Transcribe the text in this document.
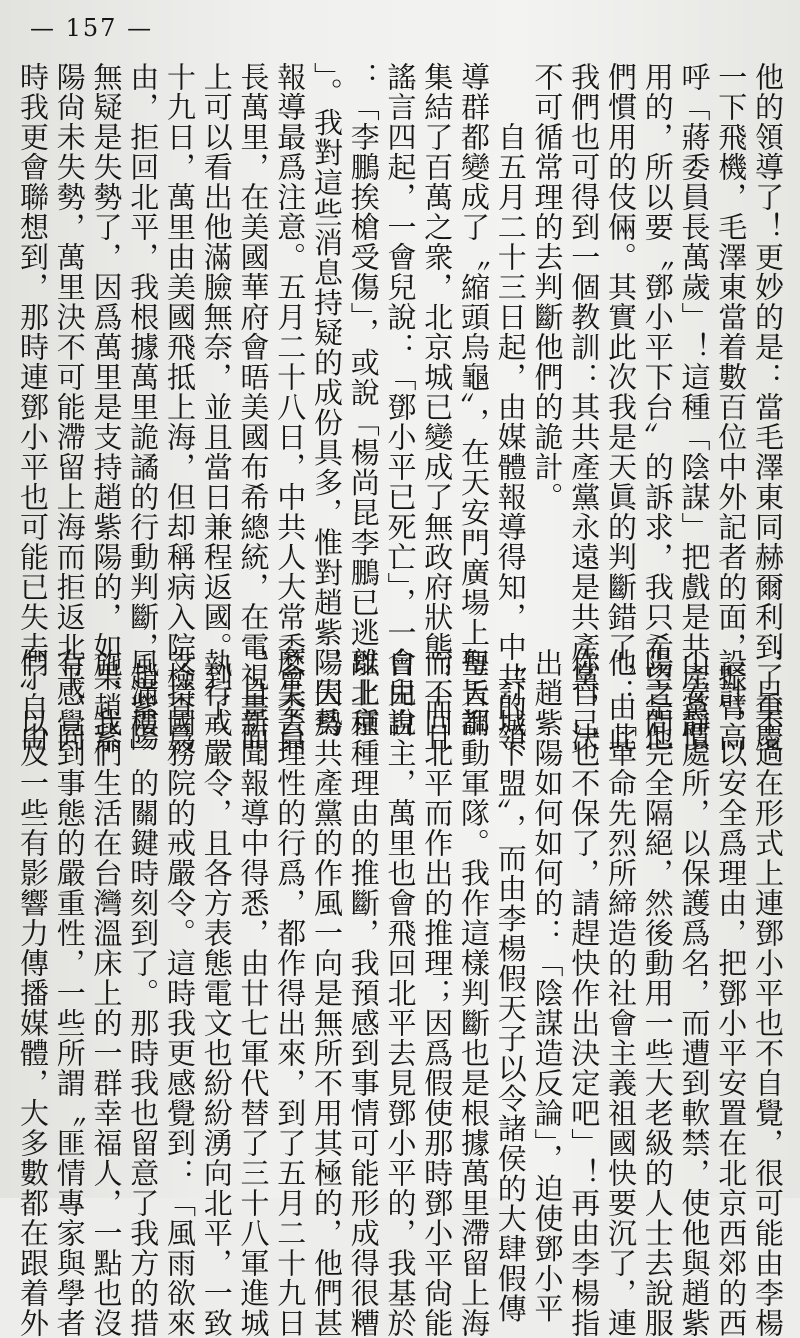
— 157 —
他的領導了！更妙的是：當毛澤東同赫爾利到了重慶
一下飛機，毛澤東當着數百位中外記者的面，振臂高
呼「蔣委員長萬歲」！這種「陰謀」把戲是共產黨慣
用的，所以要〝鄧小平下台〞的訴求，我只希望是他
們慣用的伎倆。其實此次我是天眞的判斷錯了，由此
我們也可得到一個教訓：其共產黨永遠是共產黨，決
不可循常理的去判斷他們的詭計。
　　自五月二十三日起，由媒體報導得知，中共的領
導群都變成了〝縮頭烏龜〞，在天安門廣場上每天都
集結了百萬之衆，北京城已變成了無政府狀態，而且
謠言四起，一會兒說：「鄧小平已死亡」，一會兒說
：「李鵬挨槍受傷」，或說「楊尚昆李鵬已逃離北京
」。我對這些消息持疑的成份具多，惟對趙紫陽失勢
報導最爲注意。五月二十八日，中共人大常委會委員
長萬里，在美國華府會晤美國布希總統，在電視畫面
上可以看出他滿臉無奈，並且當日兼程返國。到了二
十九日，萬里由美國飛抵上海，但却稱病入院檢查爲
由，拒回北平，我根據萬里詭譎的行動判斷，趙紫陽
無疑是失勢了，因爲萬里是支持趙紫陽的，如果趙紫
陽尙未失勢，萬里決不可能滯留上海而拒返北平，同
時我更會聯想到，那時連鄧小平也可能已失去了自由
，只不過在形式上連鄧小平也不自覺，很可能由李楊
設計，以安全爲理由，把鄧小平安置在北京西郊的西
山安靜處所，以保護爲名，而遭到軟禁，使他與趙紫
陽之間完全隔絕，然後動用一些大老級的人士去說服
他：「革命先烈所締造的社會主義祖國快要沉了，連
你自己也不保了，請趕快作出決定吧」！再由李楊指
出趙紫陽如何如何的：「陰謀造反論」，迫使鄧小平
〝訂城下盟〞，而由李楊假天子以令諸侯的大肆假傳
聖旨調動軍隊。我作這樣判斷也是根據萬里滯留上海
而不回北平而作出的推理；因爲假使那時鄧小平尙能
自由自主，萬里也會飛回北平去見鄧小平的，我基於
以上種種理由的推斷，我預感到事情可能形成得很糟
，因爲共產黨的作風一向是無所不用其極的，他們甚
麽失去理性的行爲，都作得出來，到了五月二十九日
，自新聞報導中得悉，由廿七軍代替了三十八軍進城
執行戒嚴令，且各方表態電文也紛紛湧向北平，一致
支持國務院的戒嚴令。這時我更感覺到：「風雨欲來
風滿樓」的關鍵時刻到了。那時我也留意了我方的措
施，我們生活在台灣溫床上的一群幸福人，一點也沒
有感覺到事態的嚴重性，一些所謂〝匪情專家與學者
們〞以及一些有影響力傳播媒體，大多數都在跟着外
